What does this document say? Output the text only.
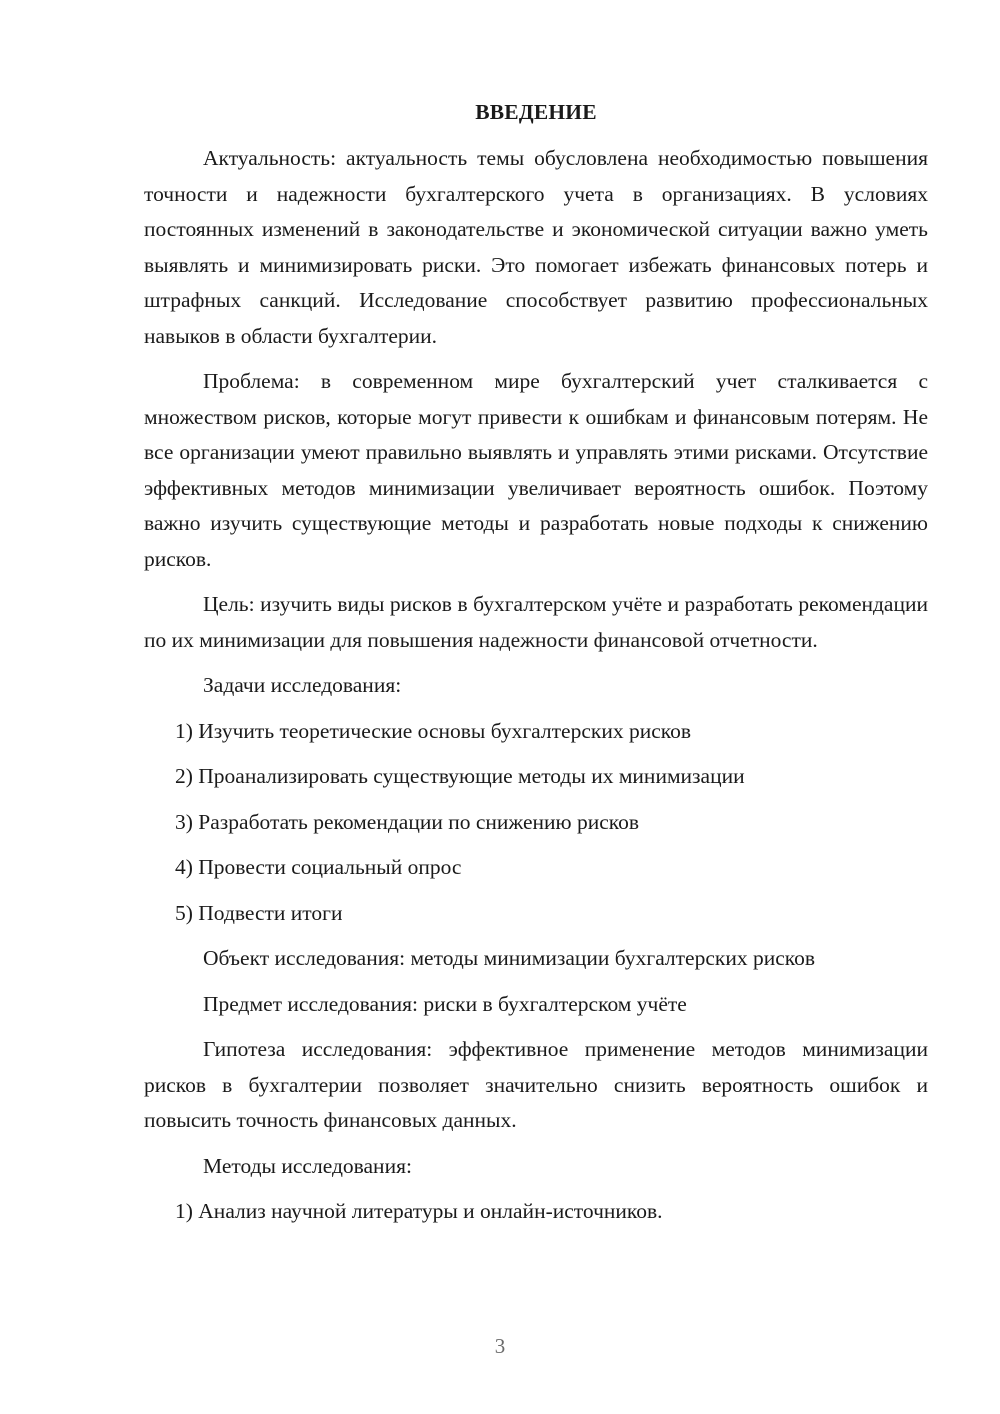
ВВЕДЕНИЕ

Актуальность: актуальность темы обусловлена необходимостью повышения точности и надежности бухгалтерского учета в организациях. В условиях постоянных изменений в законодательстве и экономической ситуации важно уметь выявлять и минимизировать риски. Это помогает избежать финансовых потерь и штрафных санкций. Исследование способствует развитию профессиональных навыков в области бухгалтерии.

Проблема: в современном мире бухгалтерский учет сталкивается с множеством рисков, которые могут привести к ошибкам и финансовым потерям. Не все организации умеют правильно выявлять и управлять этими рисками. Отсутствие эффективных методов минимизации увеличивает вероятность ошибок. Поэтому важно изучить существующие методы и разработать новые подходы к снижению рисков.

Цель: изучить виды рисков в бухгалтерском учёте и разработать рекомендации по их минимизации для повышения надежности финансовой отчетности.

Задачи исследования:
1) Изучить теоретические основы бухгалтерских рисков
2) Проанализировать существующие методы их минимизации
3) Разработать рекомендации по снижению рисков
4) Провести социальный опрос
5) Подвести итоги
Объект исследования: методы минимизации бухгалтерских рисков
Предмет исследования: риски в бухгалтерском учёте

Гипотеза исследования: эффективное применение методов минимизации рисков в бухгалтерии позволяет значительно снизить вероятность ошибок и повысить точность финансовых данных.

Методы исследования:
1) Анализ научной литературы и онлайн-источников.
3
